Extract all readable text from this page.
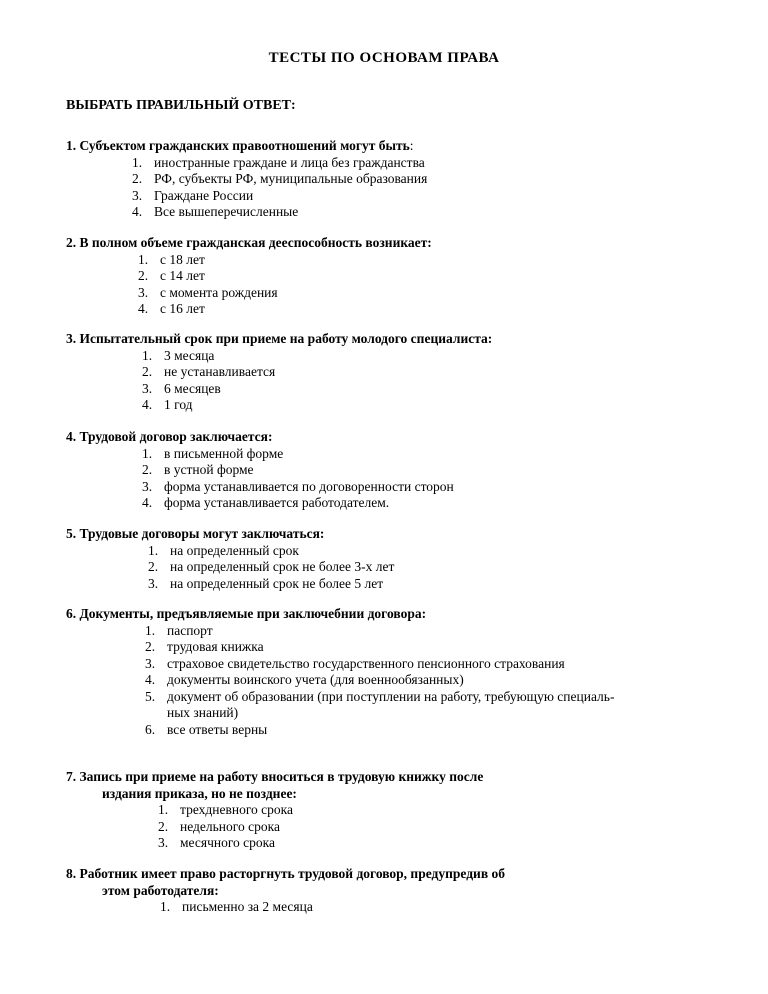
ТЕСТЫ ПО ОСНОВАМ ПРАВА
ВЫБРАТЬ ПРАВИЛЬНЫЙ ОТВЕТ:
1. Субъектом гражданских правоотношений могут быть:
1. иностранные граждане и лица без гражданства
2. РФ, субъекты РФ, муниципальные образования
3. Граждане России
4. Все вышеперечисленные
2. В полном объеме гражданская дееспособность возникает:
1. с 18 лет
2. с 14 лет
3. с момента рождения
4. с 16 лет
3. Испытательный срок при приеме на работу молодого специалиста:
1. 3 месяца
2. не устанавливается
3. 6 месяцев
4. 1 год
4. Трудовой договор заключается:
1. в письменной форме
2. в устной форме
3. форма устанавливается по договоренности сторон
4. форма устанавливается работодателем.
5. Трудовые договоры могут заключаться:
1. на определенный срок
2. на определенный срок не более 3-х лет
3. на определенный срок не более 5 лет
6. Документы, предъявляемые при заключебнии договора:
1. паспорт
2. трудовая книжка
3. страховое свидетельство государственного пенсионного страхования
4. документы воинского учета (для военнообязанных)
5. документ об образовании (при поступлении на работу, требующую специаль-
ных знаний)
6. все ответы верны
7. Запись при приеме на работу вноситься в трудовую книжку после
издания приказа, но не позднее:
1. трехдневного срока
2. недельного срока
3. месячного срока
8. Работник имеет право расторгнуть трудовой договор, предупредив об
этом работодателя:
1. письменно за 2 месяца
